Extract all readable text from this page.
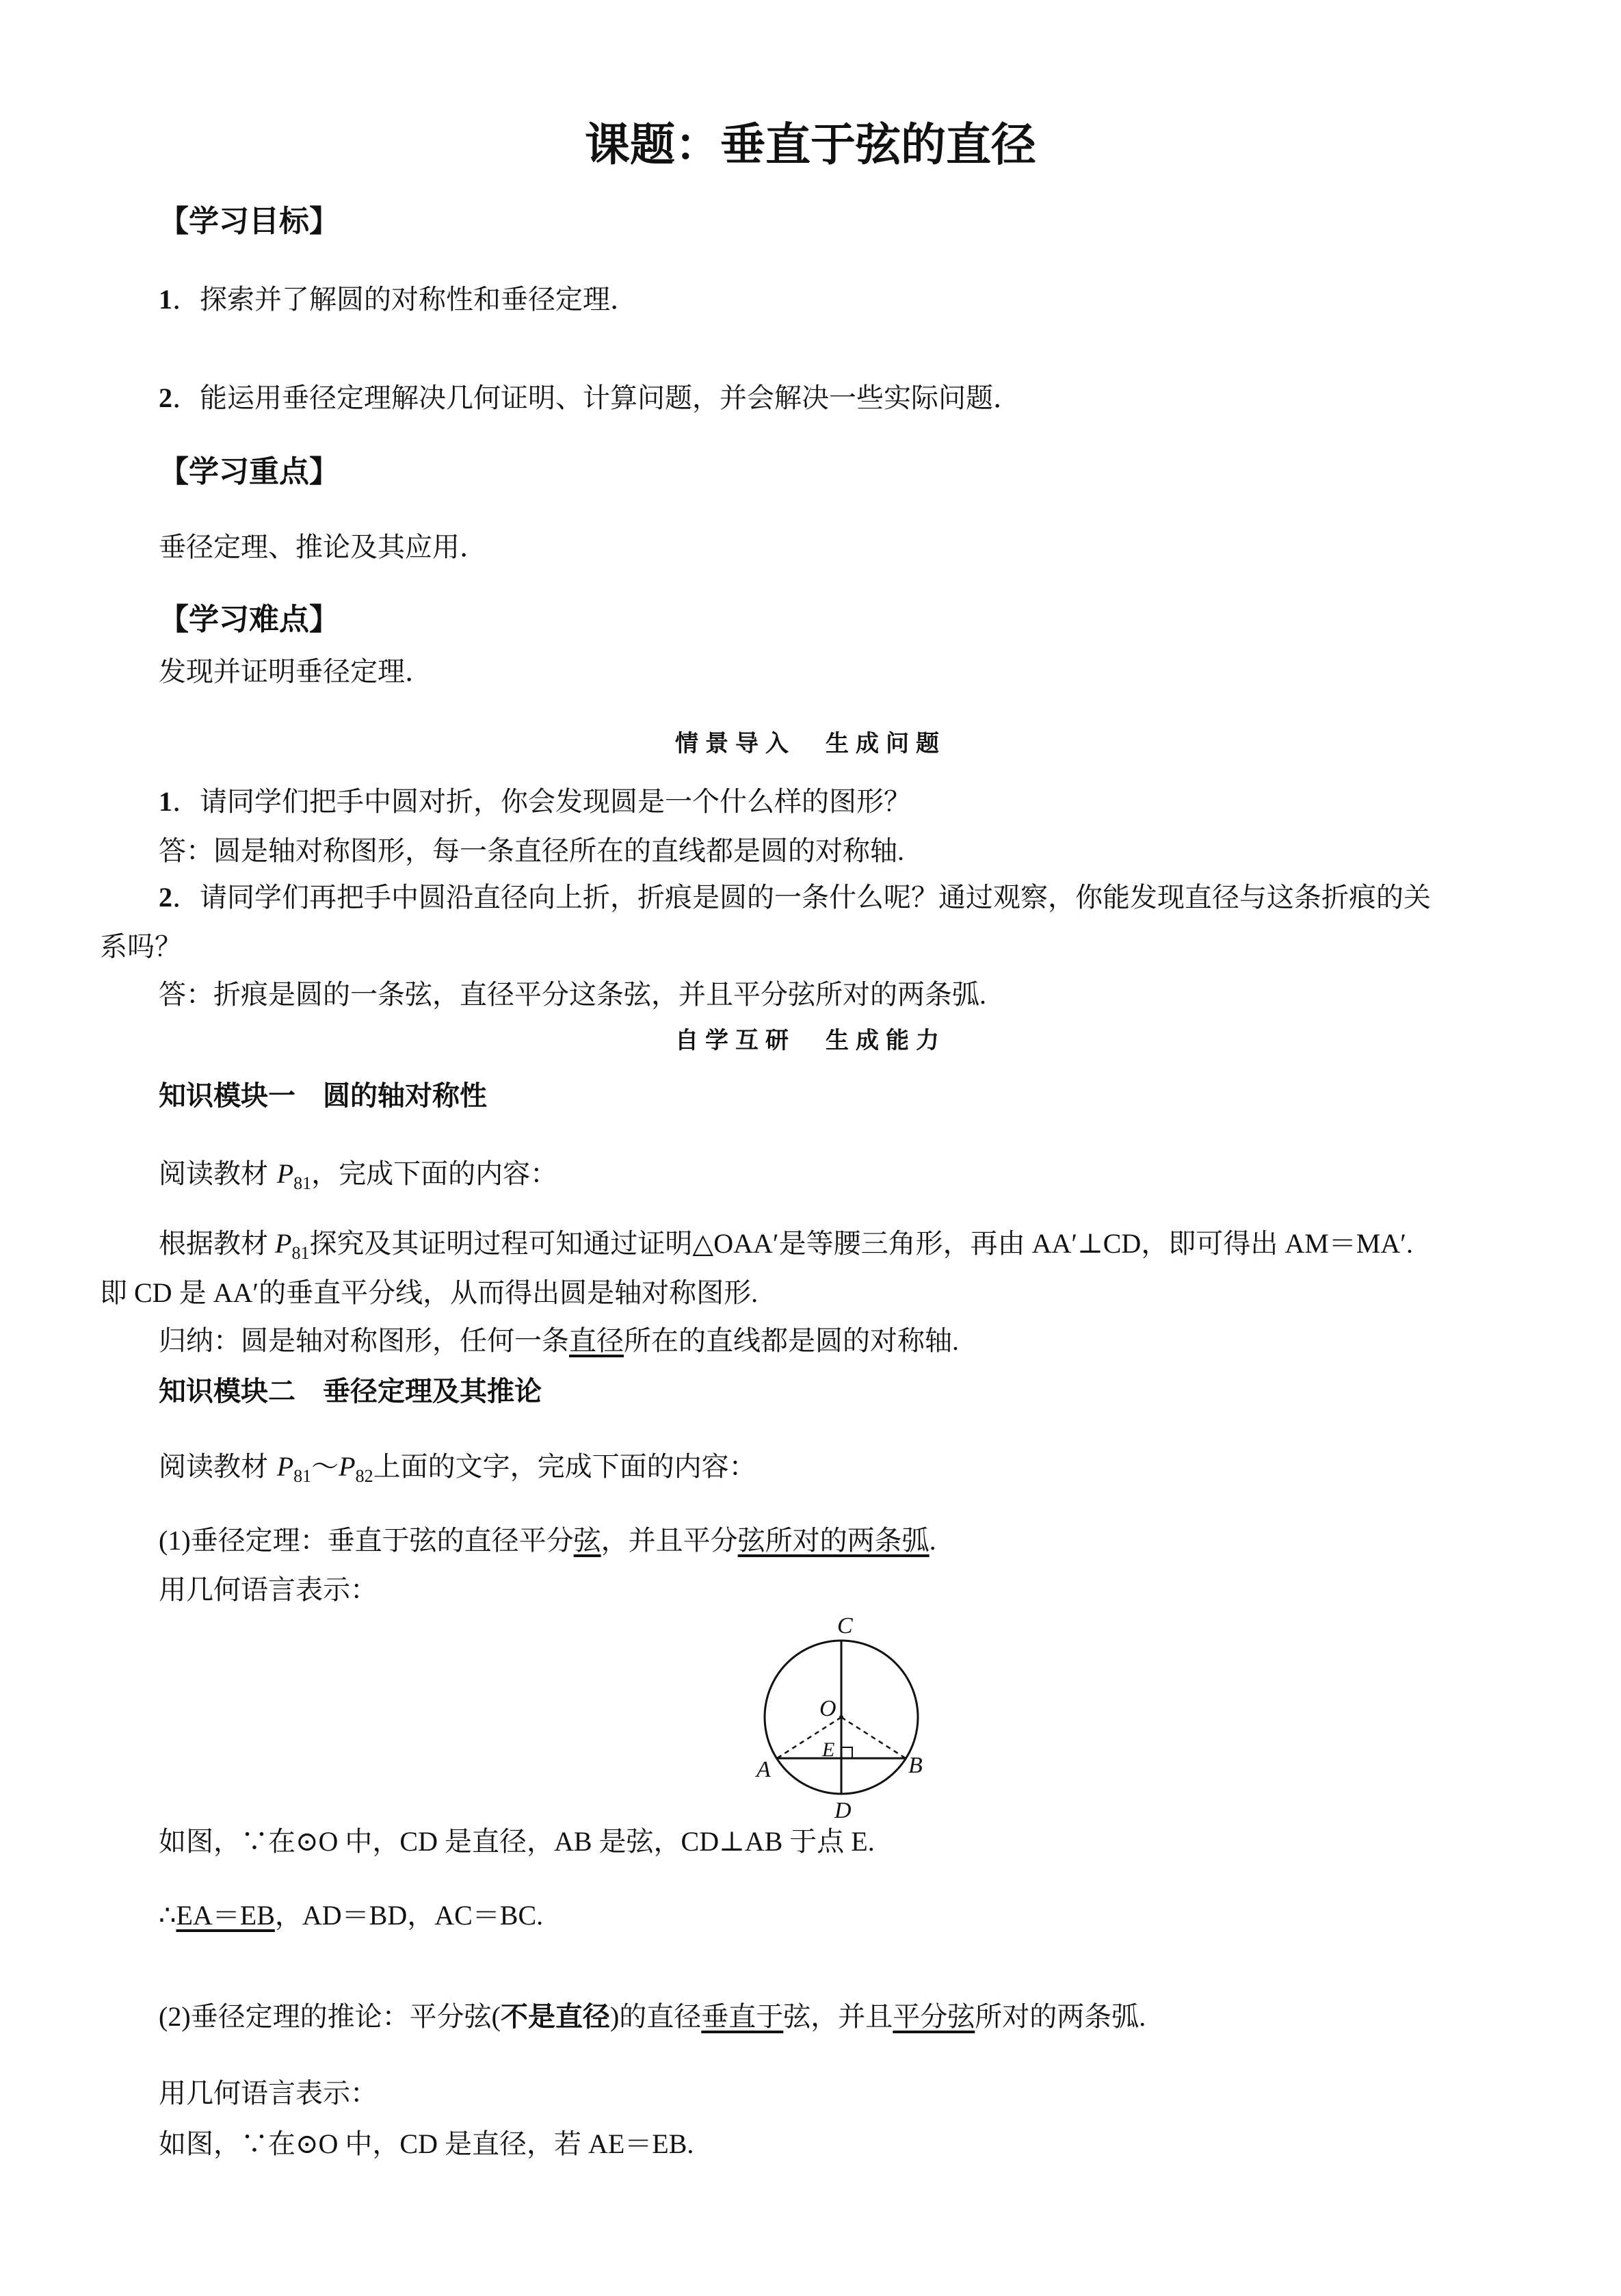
课题：垂直于弦的直径

【学习目标】

1．探索并了解圆的对称性和垂径定理．

2．能运用垂径定理解决几何证明、计算问题，并会解决一些实际问题．

【学习重点】

垂径定理、推论及其应用．

【学习难点】

发现并证明垂径定理．

情景导入　生成问题

1．请同学们把手中圆对折，你会发现圆是一个什么样的图形？

答：圆是轴对称图形，每一条直径所在的直线都是圆的对称轴.

2．请同学们再把手中圆沿直径向上折，折痕是圆的一条什么呢？通过观察，你能发现直径与这条折痕的关

系吗？

答：折痕是圆的一条弦，直径平分这条弦，并且平分弦所对的两条弧.

自学互研　生成能力

知识模块一　圆的轴对称性

阅读教材 $P_{81}$，完成下面的内容：

根据教材 $P_{81}$探究及其证明过程可知通过证明△OAA′是等腰三角形，再由 AA′⊥CD，即可得出 AM＝MA′.

即 CD 是 AA′的垂直平分线，从而得出圆是轴对称图形.

归纳：圆是轴对称图形，任何一条直径所在的直线都是圆的对称轴.

知识模块二　垂径定理及其推论

阅读教材 $P_{81}\sim P_{82}$上面的文字，完成下面的内容：

(1)垂径定理：垂直于弦的直径平分弦，并且平分弦所对的两条弧.

用几何语言表示：

C
O
E
A	B
D

如图，∵在⊙O 中，CD 是直径，AB 是弦，CD⊥AB 于点 E.

∴EA＝EB，AD＝BD，AC＝BC.

(2)垂径定理的推论：平分弦(不是直径)的直径垂直于弦，并且平分弦所对的两条弧.

用几何语言表示：

如图，∵在⊙O 中，CD 是直径，若 AE＝EB.
